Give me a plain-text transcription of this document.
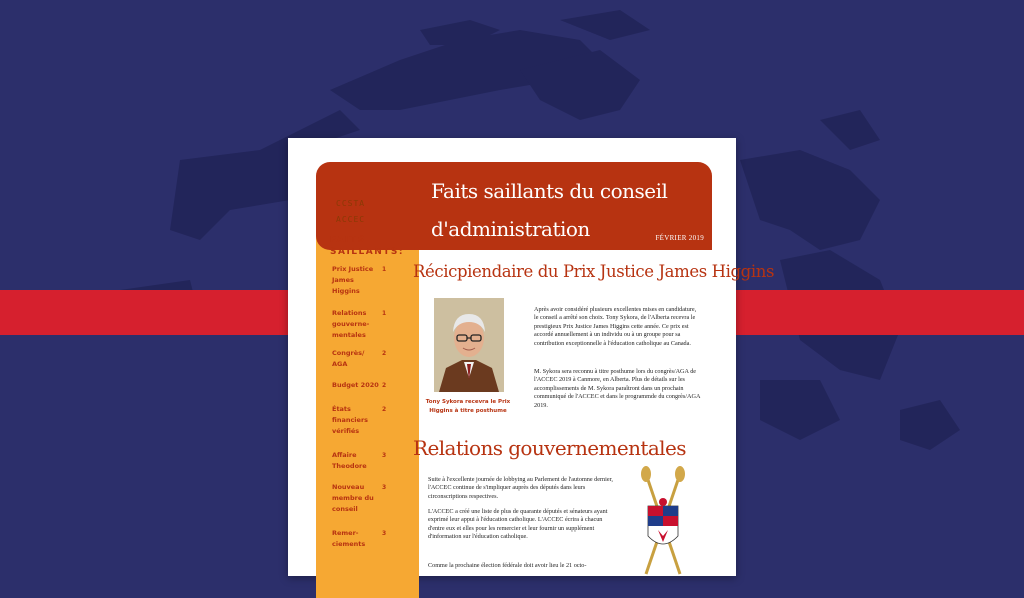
CCSTA
ACCEC
Faits saillants du conseil d'administration	FÉVRIER 2019
FAITS
SAILLANTS:
Prix Justice James Higgins
1
Relations gouverne-mentales
1
Congrès/ AGA
2
Budget 2020 2
États financiers vérifiés
2
Affaire Theodore
3
Nouveau membre du conseil
3
Remer-ciements
3
Récicpiendaire du Prix Justice James Higgins
Tony Sykora recevra le Prix Higgins à titre posthume
Après avoir considéré plusieurs excellentes mises en candidature, le conseil a arrêté son choix. Tony Sykora, de l'Alberta recevra le prestigieux Prix Justice James Higgins cette année. Ce prix est accordé annuellement à un individu ou à un groupe pour sa contribution exceptionnelle à l'éducation catholique au Canada.
M. Sykora sera reconnu à titre posthume lors du congrès/AGA de l'ACCEC 2019 à Canmore, en Alberta. Plus de détails sur les accomplissements de M. Sykora paraîtront dans un prochain communiqué de l'ACCEC et dans le programmde du congrès/AGA 2019.
Relations gouvernementales
Suite à l'excellente journée de lobbying au Parlement de l'automne dernier, l'ACCEC continue de s'impliquer auprès des députés dans leurs circonscriptions respectives.
L'ACCEC a créé une liste de plus de quarante députés et sénateurs ayant exprimé leur appui à l'éducation catholique. L'ACCEC écrira à chacun d'entre eux et elles pour les remercier et leur fournir un supplément d'information sur l'éducation catholique.
Comme la prochaine élection fédérale doit avoir lieu le 21 octo-
